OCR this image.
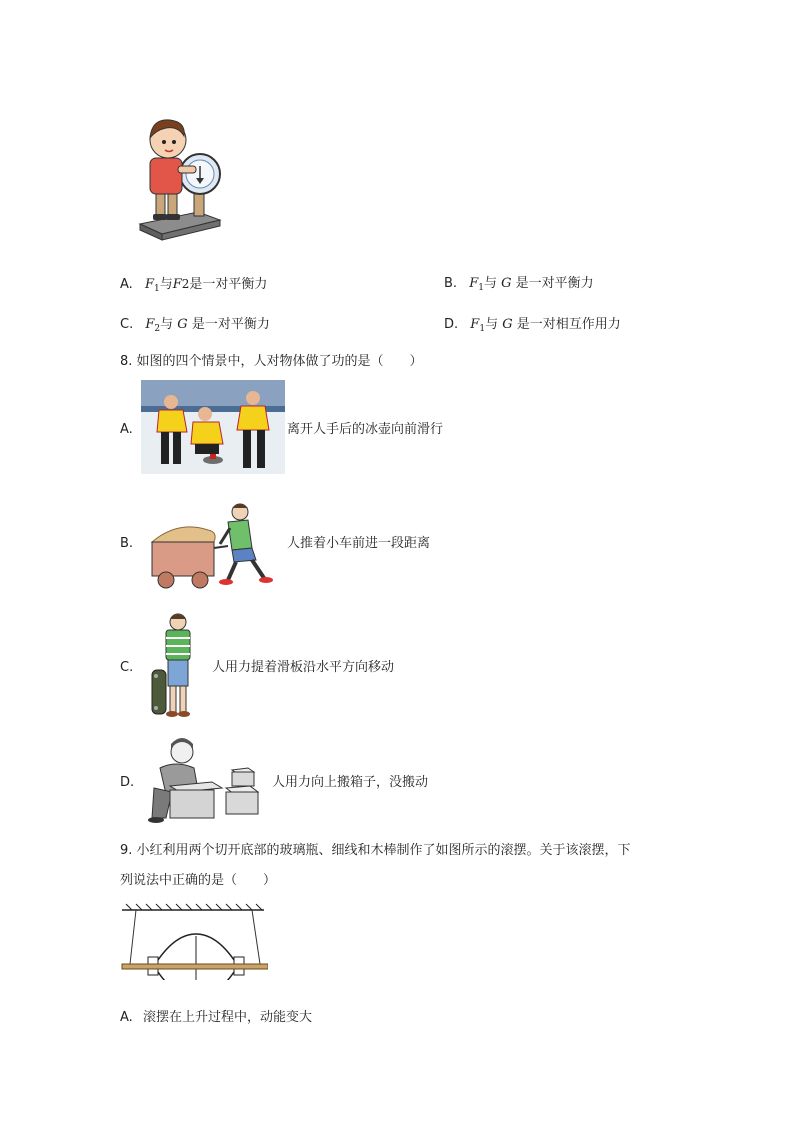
A. $F_1$与F2是一对平衡力	B. $F_1$与 G 是一对平衡力
C. $F_2$与 G 是一对平衡力	D. $F_1$与 G 是一对相互作用力
8. 如图的四个情景中，人对物体做了功的是（　　）
A.	离开人手后的冰壶向前滑行
B.	人推着小车前进一段距离
C.	人用力提着滑板沿水平方向移动
D.	人用力向上搬箱子，没搬动
9. 小红利用两个切开底部的玻璃瓶、细线和木棒制作了如图所示的滚摆。关于该滚摆，下
列说法中正确的是（　　）
A. 滚摆在上升过程中，动能变大
